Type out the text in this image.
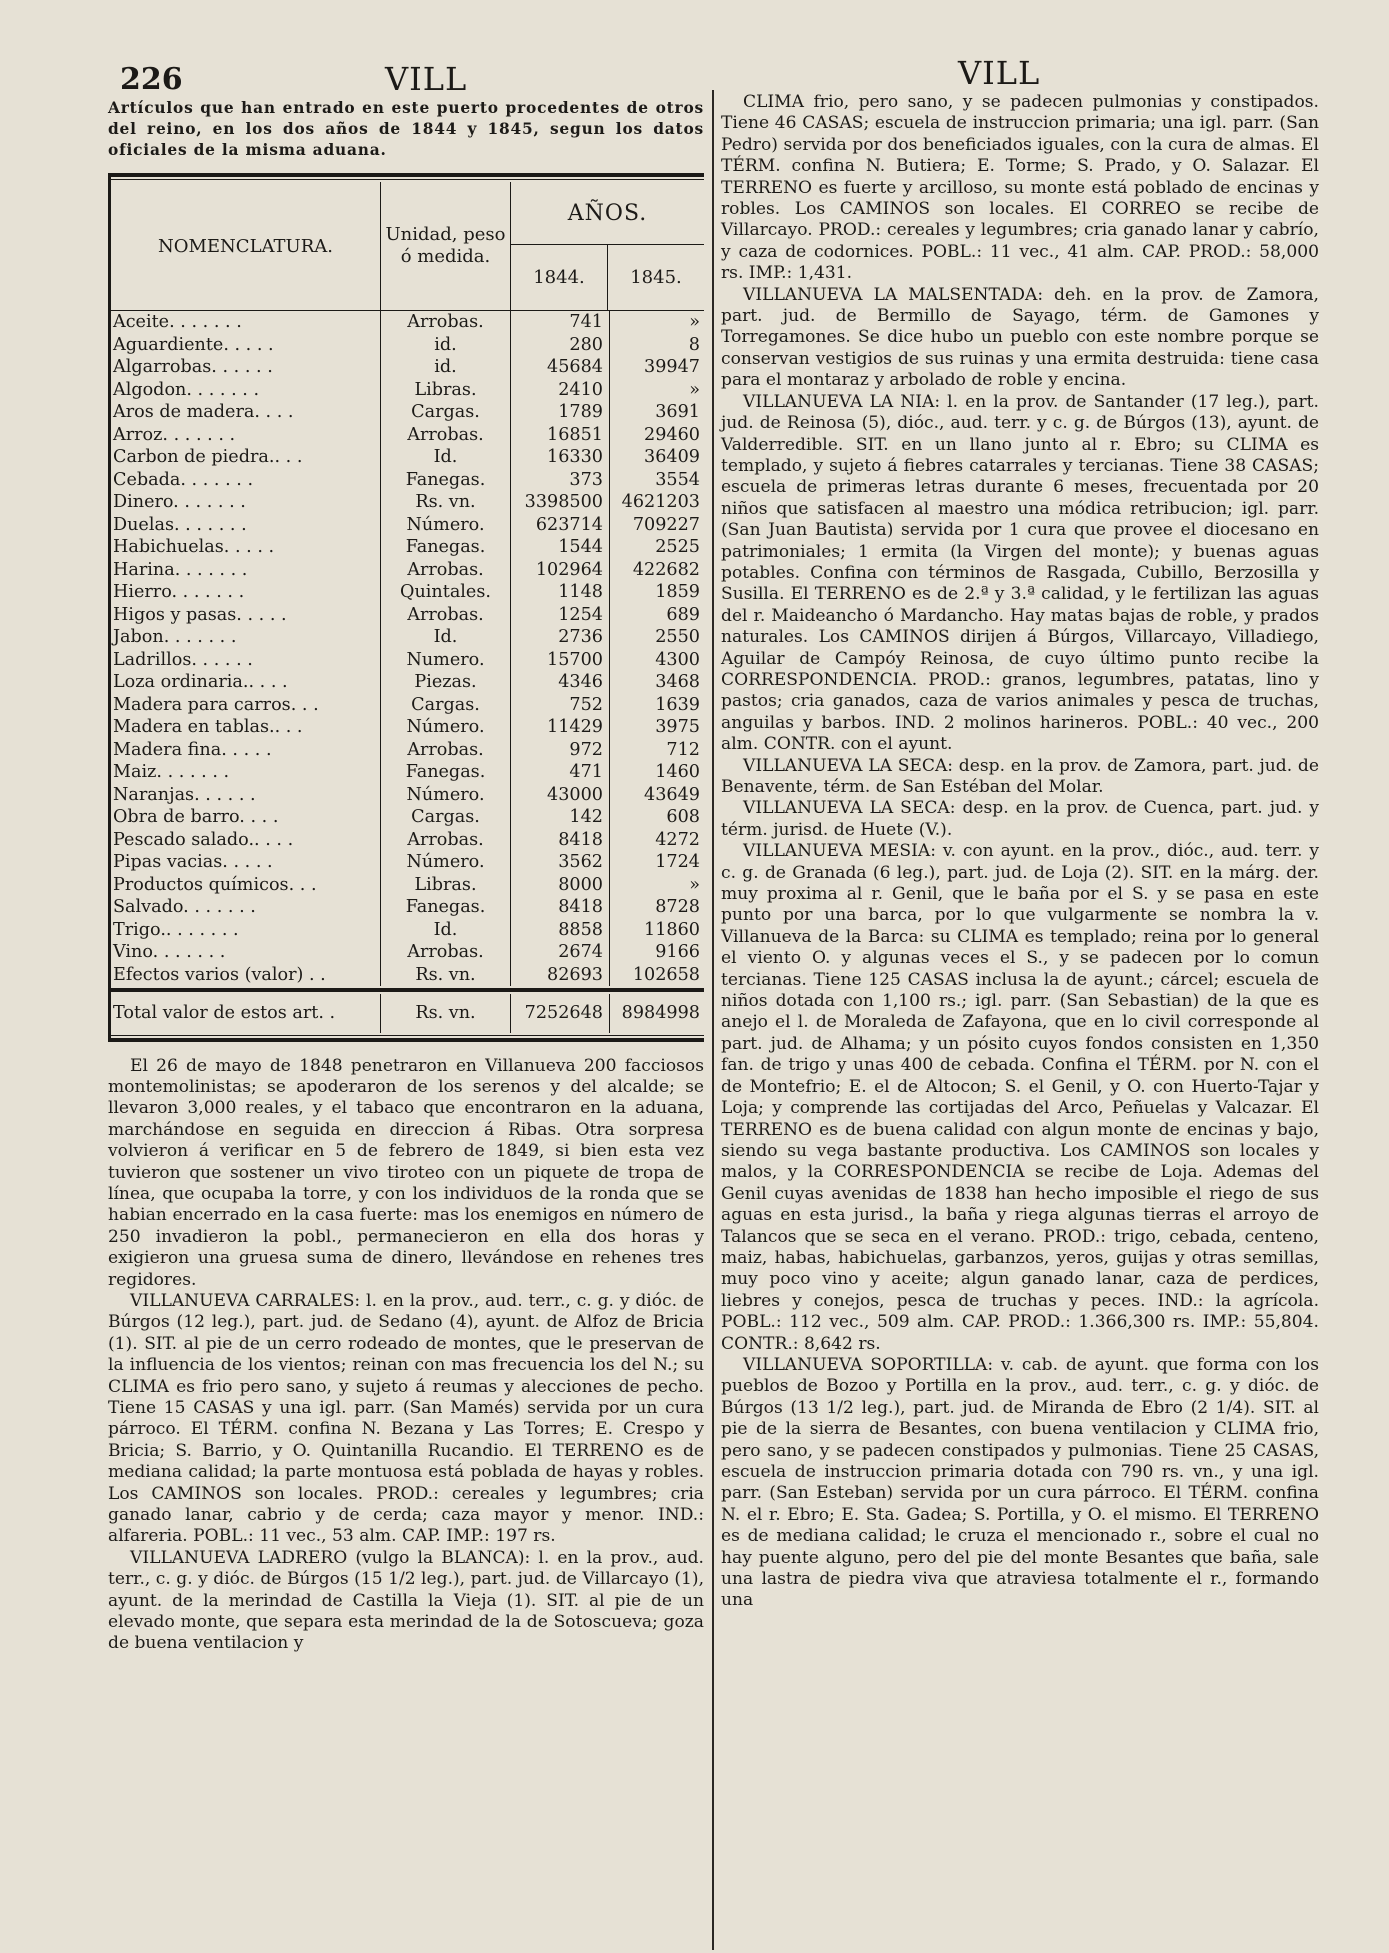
226	VILL	VILL
Artículos que han entrado en este puerto procedentes de otros del reino, en los dos años de 1844 y 1845, segun los datos oficiales de la misma aduana.
NOMENCLATURA.
Unidad, peso ó medida.
AÑOS.
1844.	1845.
Aceite. . . . . . .	Arrobas.	741	»
Aguardiente. . . . .	id.	280	8
Algarrobas. . . . . .	id.	45684	39947
Algodon. . . . . . .	Libras.	2410	»
Aros de madera. . . .	Cargas.	1789	3691
Arroz. . . . . . .	Arrobas.	16851	29460
Carbon de piedra.. . .	Id.	16330	36409
Cebada. . . . . . .	Fanegas.	373	3554
Dinero. . . . . . .	Rs. vn.	3398500	4621203
Duelas. . . . . . .	Número.	623714	709227
Habichuelas. . . . .	Fanegas.	1544	2525
Harina. . . . . . .	Arrobas.	102964	422682
Hierro. . . . . . .	Quintales.	1148	1859
Higos y pasas. . . . .	Arrobas.	1254	689
Jabon. . . . . . .	Id.	2736	2550
Ladrillos. . . . . .	Numero.	15700	4300
Loza ordinaria.. . . .	Piezas.	4346	3468
Madera para carros. . .	Cargas.	752	1639
Madera en tablas.. . .	Número.	11429	3975
Madera fina. . . . .	Arrobas.	972	712
Maiz. . . . . . .	Fanegas.	471	1460
Naranjas. . . . . .	Número.	43000	43649
Obra de barro. . . .	Cargas.	142	608
Pescado salado.. . . .	Arrobas.	8418	4272
Pipas vacias. . . . .	Número.	3562	1724
Productos químicos. . .	Libras.	8000	»
Salvado. . . . . . .	Fanegas.	8418	8728
Trigo.. . . . . . .	Id.	8858	11860
Vino. . . . . . .	Arrobas.	2674	9166
Efectos varios (valor) . .	Rs. vn.	82693	102658
Total valor de estos art. .	Rs. vn.	7252648	8984998

El 26 de mayo de 1848 penetraron en Villanueva 200 facciosos montemolinistas; se apoderaron de los serenos y del alcalde; se llevaron 3,000 reales, y el tabaco que encontraron en la aduana, marchándose en seguida en direccion á Ribas. Otra sorpresa volvieron á verificar en 5 de febrero de 1849, si bien esta vez tuvieron que sostener un vivo tiroteo con un piquete de tropa de línea, que ocupaba la torre, y con los individuos de la ronda que se habian encerrado en la casa fuerte: mas los enemigos en número de 250 invadieron la pobl., permanecieron en ella dos horas y exigieron una gruesa suma de dinero, llevándose en rehenes tres regidores.

VILLANUEVA CARRALES: l. en la prov., aud. terr., c. g. y dióc. de Búrgos (12 leg.), part. jud. de Sedano (4), ayunt. de Alfoz de Bricia (1). SIT. al pie de un cerro rodeado de montes, que le preservan de la influencia de los vientos; reinan con mas frecuencia los del N.; su CLIMA es frio pero sano, y sujeto á reumas y alecciones de pecho. Tiene 15 CASAS y una igl. parr. (San Mamés) servida por un cura párroco. El TÉRM. confina N. Bezana y Las Torres; E. Crespo y Bricia; S. Barrio, y O. Quintanilla Rucandio. El TERRENO es de mediana calidad; la parte montuosa está poblada de hayas y robles. Los CAMINOS son locales. PROD.: cereales y legumbres; cria ganado lanar, cabrio y de cerda; caza mayor y menor. IND.: alfareria. POBL.: 11 vec., 53 alm. CAP. IMP.: 197 rs.

VILLANUEVA LADRERO (vulgo la BLANCA): l. en la prov., aud. terr., c. g. y dióc. de Búrgos (15 1/2 leg.), part. jud. de Villarcayo (1), ayunt. de la merindad de Castilla la Vieja (1). SIT. al pie de un elevado monte, que separa esta merindad de la de Sotoscueva; goza de buena ventilacion y

CLIMA frio, pero sano, y se padecen pulmonias y constipados. Tiene 46 CASAS; escuela de instruccion primaria; una igl. parr. (San Pedro) servida por dos beneficiados iguales, con la cura de almas. El TÉRM. confina N. Butiera; E. Torme; S. Prado, y O. Salazar. El TERRENO es fuerte y arcilloso, su monte está poblado de encinas y robles. Los CAMINOS son locales. El CORREO se recibe de Villarcayo. PROD.: cereales y legumbres; cria ganado lanar y cabrío, y caza de codornices. POBL.: 11 vec., 41 alm. CAP. PROD.: 58,000 rs. IMP.: 1,431.

VILLANUEVA LA MALSENTADA: deh. en la prov. de Zamora, part. jud. de Bermillo de Sayago, térm. de Gamones y Torregamones. Se dice hubo un pueblo con este nombre porque se conservan vestigios de sus ruinas y una ermita destruida: tiene casa para el montaraz y arbolado de roble y encina.

VILLANUEVA LA NIA: l. en la prov. de Santander (17 leg.), part. jud. de Reinosa (5), dióc., aud. terr. y c. g. de Búrgos (13), ayunt. de Valderredible. SIT. en un llano junto al r. Ebro; su CLIMA es templado, y sujeto á fiebres catarrales y tercianas. Tiene 38 CASAS; escuela de primeras letras durante 6 meses, frecuentada por 20 niños que satisfacen al maestro una módica retribucion; igl. parr. (San Juan Bautista) servida por 1 cura que provee el diocesano en patrimoniales; 1 ermita (la Virgen del monte); y buenas aguas potables. Confina con términos de Rasgada, Cubillo, Berzosilla y Susilla. El TERRENO es de 2.ª y 3.ª calidad, y le fertilizan las aguas del r. Maideancho ó Mardancho. Hay matas bajas de roble, y prados naturales. Los CAMINOS dirijen á Búrgos, Villarcayo, Villadiego, Aguilar de Campóy Reinosa, de cuyo último punto recibe la CORRESPONDENCIA. PROD.: granos, legumbres, patatas, lino y pastos; cria ganados, caza de varios animales y pesca de truchas, anguilas y barbos. IND. 2 molinos harineros. POBL.: 40 vec., 200 alm. CONTR. con el ayunt.

VILLANUEVA LA SECA: desp. en la prov. de Zamora, part. jud. de Benavente, térm. de San Estéban del Molar.

VILLANUEVA LA SECA: desp. en la prov. de Cuenca, part. jud. y térm. jurisd. de Huete (V.).

VILLANUEVA MESIA: v. con ayunt. en la prov., dióc., aud. terr. y c. g. de Granada (6 leg.), part. jud. de Loja (2). SIT. en la márg. der. muy proxima al r. Genil, que le baña por el S. y se pasa en este punto por una barca, por lo que vulgarmente se nombra la v. Villanueva de la Barca: su CLIMA es templado; reina por lo general el viento O. y algunas veces el S., y se padecen por lo comun tercianas. Tiene 125 CASAS inclusa la de ayunt.; cárcel; escuela de niños dotada con 1,100 rs.; igl. parr. (San Sebastian) de la que es anejo el l. de Moraleda de Zafayona, que en lo civil corresponde al part. jud. de Alhama; y un pósito cuyos fondos consisten en 1,350 fan. de trigo y unas 400 de cebada. Confina el TÉRM. por N. con el de Montefrio; E. el de Altocon; S. el Genil, y O. con Huerto-Tajar y Loja; y comprende las cortijadas del Arco, Peñuelas y Valcazar. El TERRENO es de buena calidad con algun monte de encinas y bajo, siendo su vega bastante productiva. Los CAMINOS son locales y malos, y la CORRESPONDENCIA se recibe de Loja. Ademas del Genil cuyas avenidas de 1838 han hecho imposible el riego de sus aguas en esta jurisd., la baña y riega algunas tierras el arroyo de Talancos que se seca en el verano. PROD.: trigo, cebada, centeno, maiz, habas, habichuelas, garbanzos, yeros, guijas y otras semillas, muy poco vino y aceite; algun ganado lanar, caza de perdices, liebres y conejos, pesca de truchas y peces. IND.: la agrícola. POBL.: 112 vec., 509 alm. CAP. PROD.: 1.366,300 rs. IMP.: 55,804. CONTR.: 8,642 rs.

VILLANUEVA SOPORTILLA: v. cab. de ayunt. que forma con los pueblos de Bozoo y Portilla en la prov., aud. terr., c. g. y dióc. de Búrgos (13 1/2 leg.), part. jud. de Miranda de Ebro (2 1/4). SIT. al pie de la sierra de Besantes, con buena ventilacion y CLIMA frio, pero sano, y se padecen constipados y pulmonias. Tiene 25 CASAS, escuela de instruccion primaria dotada con 790 rs. vn., y una igl. parr. (San Esteban) servida por un cura párroco. El TÉRM. confina N. el r. Ebro; E. Sta. Gadea; S. Portilla, y O. el mismo. El TERRENO es de mediana calidad; le cruza el mencionado r., sobre el cual no hay puente alguno, pero del pie del monte Besantes que baña, sale una lastra de piedra viva que atraviesa totalmente el r., formando una
